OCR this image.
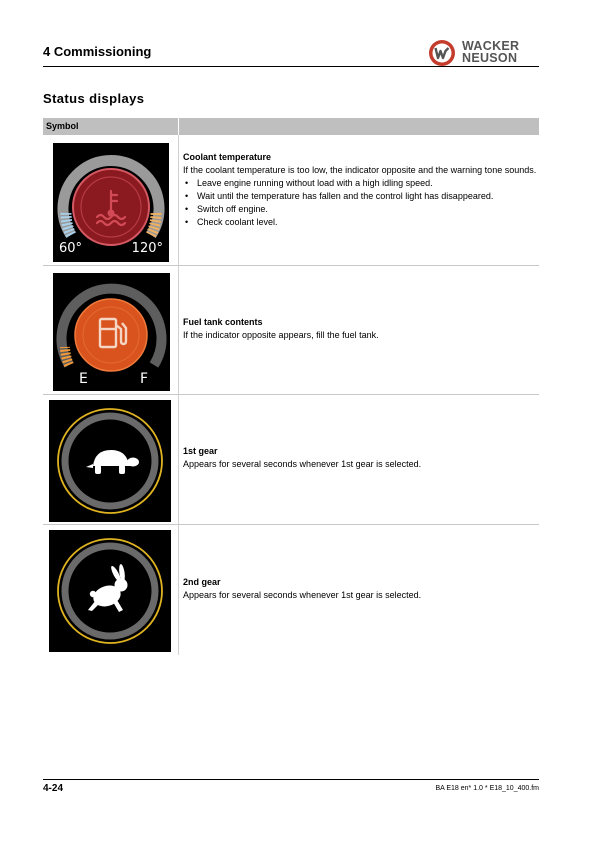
4 Commissioning	WACKER
NEUSON
Status displays
Symbol
60°	120°
Coolant temperature
If the coolant temperature is too low, the indicator opposite and the warning tone sounds.
• Leave engine running without load with a high idling speed.
• Wait until the temperature has fallen and the control light has disappeared.
• Switch off engine.
• Check coolant level.
E	F
Fuel tank contents
If the indicator opposite appears, fill the fuel tank.
1st gear
Appears for several seconds whenever 1st gear is selected.
2nd gear
Appears for several seconds whenever 1st gear is selected.
4-24	BA E18 en* 1.0 * E18_10_400.fm
